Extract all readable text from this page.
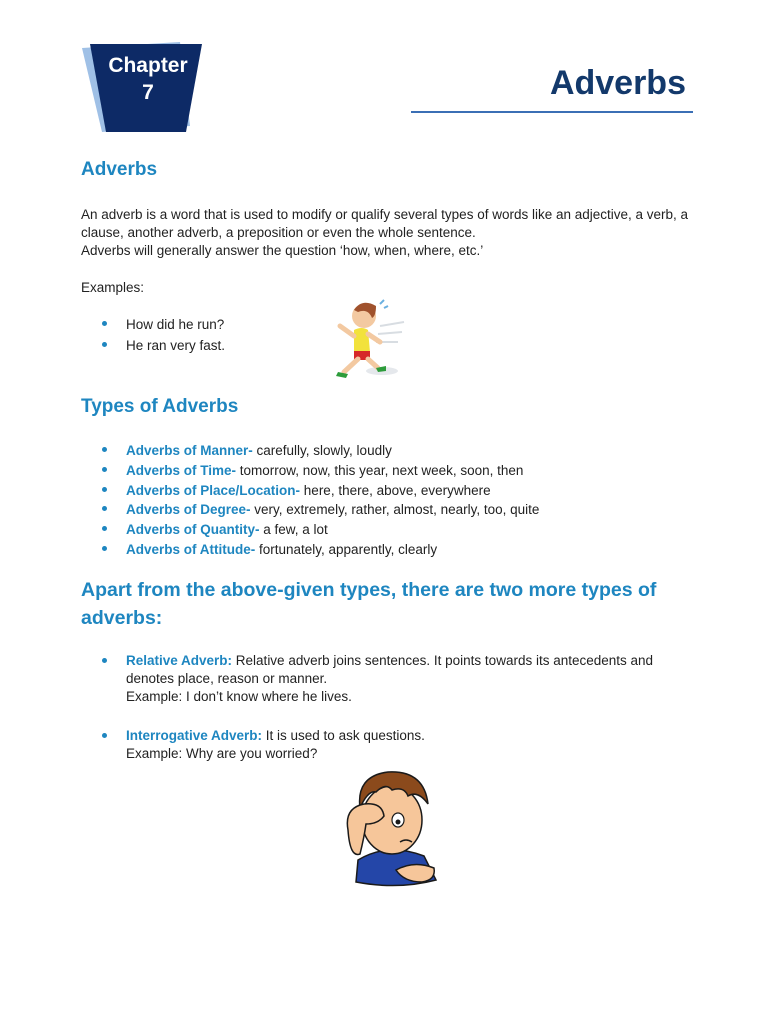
Chapter
7	Adverbs
Adverbs

An adverb is a word that is used to modify or qualify several types of words like an adjective, a verb, a clause, another adverb, a preposition or even the whole sentence.

Adverbs will generally answer the question ‘how, when, where, etc.’

Examples:
How did he run?
He ran very fast.
Types of Adverbs
Adverbs of Manner- carefully, slowly, loudly
Adverbs of Time- tomorrow, now, this year, next week, soon, then
Adverbs of Place/Location- here, there, above, everywhere
Adverbs of Degree- very, extremely, rather, almost, nearly, too, quite
Adverbs of Quantity- a few, a lot
Adverbs of Attitude- fortunately, apparently, clearly
Apart from the above-given types, there are two more types of adverbs:
Relative Adverb: Relative adverb joins sentences. It points towards its antecedents and denotes place, reason or manner.
Example: I don’t know where he lives.
Interrogative Adverb: It is used to ask questions.
Example: Why are you worried?
